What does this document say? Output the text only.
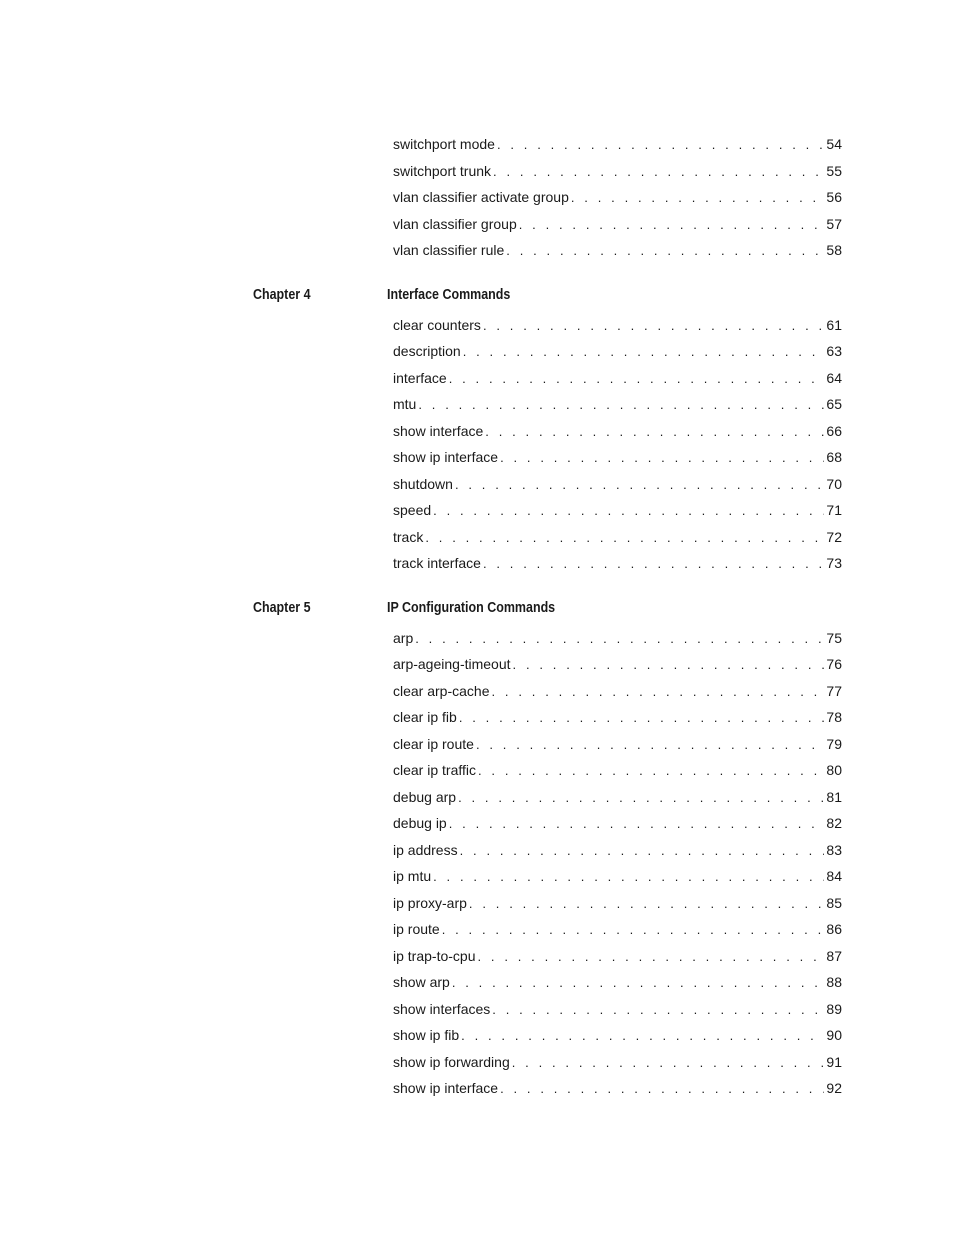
switchport mode . . .	54
switchport trunk . . .	55
vlan classifier activate group . . .	56
vlan classifier group . . .	57
vlan classifier rule . . .	58
Chapter 4	Interface Commands
clear counters . . .	61
description . . .	63
interface . . .	64
mtu . . .	65
show interface . . .	66
show ip interface . . .	68
shutdown . . .	70
speed . . .	71
track . . .	72
track interface . . .	73
Chapter 5	IP Configuration Commands
arp . . .	75
arp-ageing-timeout . . .	76
clear arp-cache . . .	77
clear ip fib . . .	78
clear ip route . . .	79
clear ip traffic . . .	80
debug arp . . .	81
debug ip . . .	82
ip address . . .	83
ip mtu . . .	84
ip proxy-arp . . .	85
ip route . . .	86
ip trap-to-cpu . . .	87
show arp . . .	88
show interfaces . . .	89
show ip fib . . .	90
show ip forwarding . . .	91
show ip interface . . .	92
